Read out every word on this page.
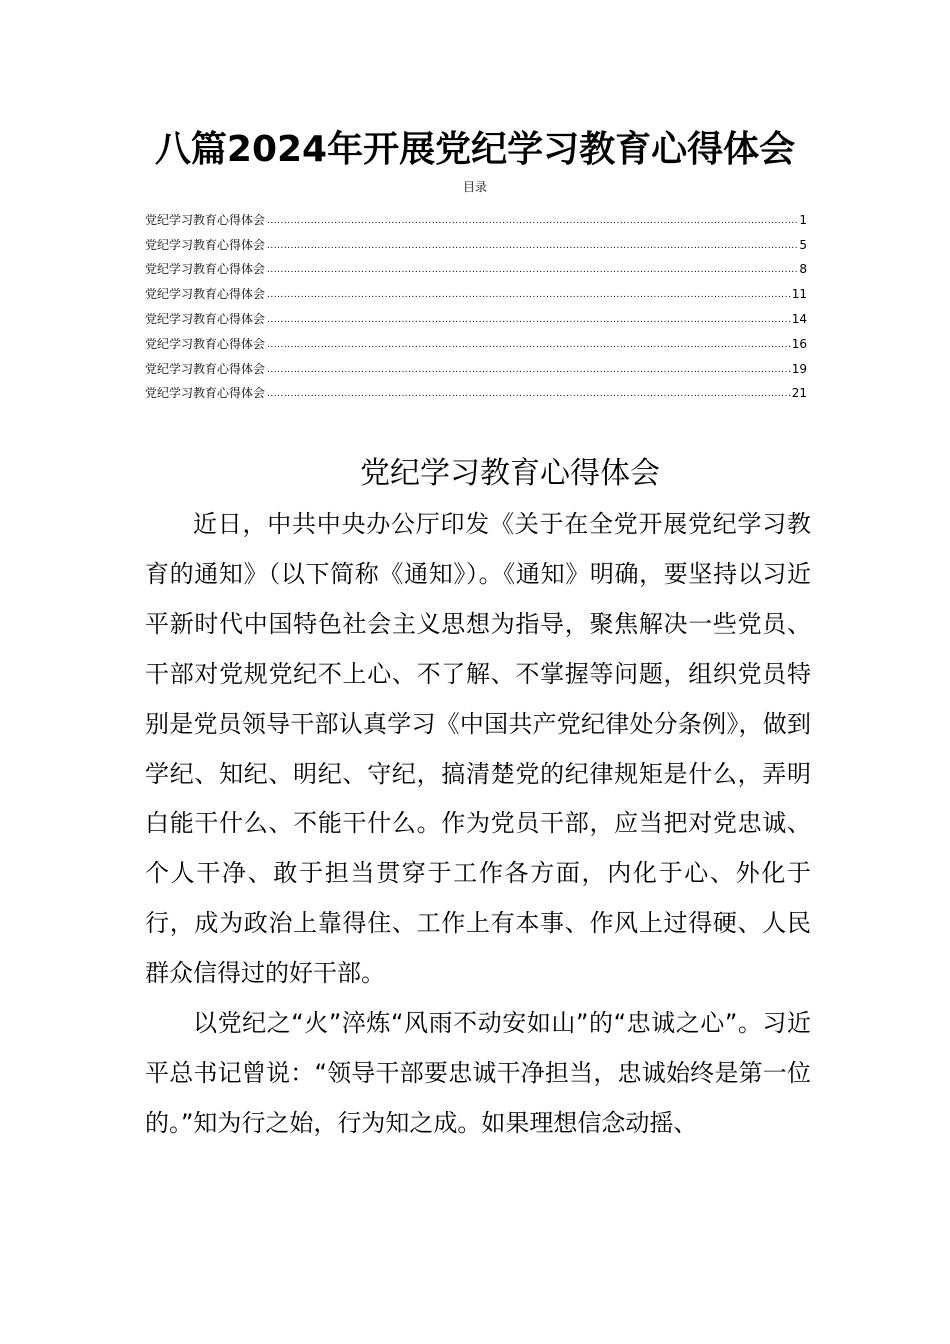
八篇2024年开展党纪学习教育心得体会
目录
党纪学习教育心得体会 .....	1
党纪学习教育心得体会 .....	5
党纪学习教育心得体会 .....	8
党纪学习教育心得体会 .....	11
党纪学习教育心得体会 .....	14
党纪学习教育心得体会 .....	16
党纪学习教育心得体会 .....	19
党纪学习教育心得体会 .....	21
党纪学习教育心得体会

近日，中共中央办公厅印发《关于在全党开展党纪学习教育的通知》（以下简称《通知》）。《通知》明确，要坚持以习近平新时代中国特色社会主义思想为指导，聚焦解决一些党员、干部对党规党纪不上心、不了解、不掌握等问题，组织党员特别是党员领导干部认真学习《中国共产党纪律处分条例》，做到学纪、知纪、明纪、守纪，搞清楚党的纪律规矩是什么，弄明白能干什么、不能干什么。作为党员干部，应当把对党忠诚、个人干净、敢于担当贯穿于工作各方面，内化于心、外化于行，成为政治上靠得住、工作上有本事、作风上过得硬、人民群众信得过的好干部。

以党纪之“火”淬炼“风雨不动安如山”的“忠诚之心”。习近平总书记曾说：“领导干部要忠诚干净担当，忠诚始终是第一位的。”知为行之始，行为知之成。如果理想信念动摇、
